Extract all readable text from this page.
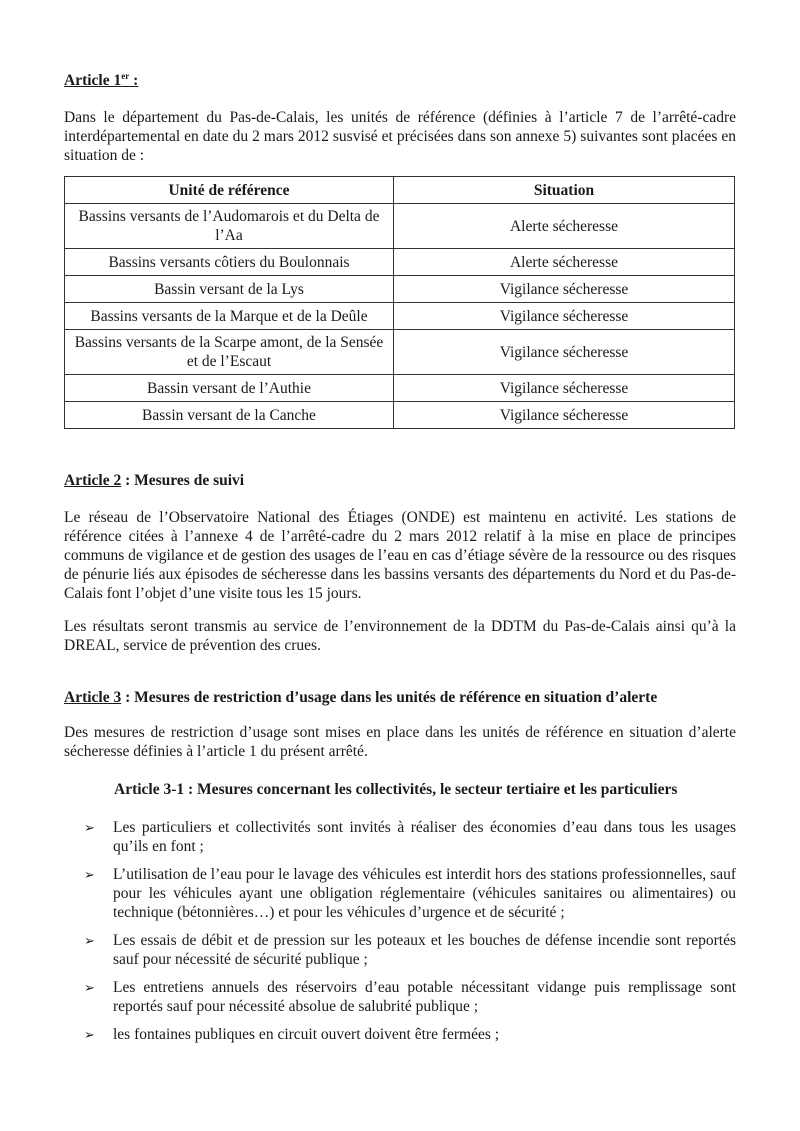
Article 1er :
Dans le département du Pas-de-Calais, les unités de référence (définies à l’article 7 de l’arrêté-cadre interdépartemental en date du 2 mars 2012 susvisé et précisées dans son annexe 5) suivantes sont placées en situation de :
Unité de référence	Situation
Bassins versants de l’Audomarois et du Delta de l’Aa	Alerte sécheresse
Bassins versants côtiers du Boulonnais	Alerte sécheresse
Bassin versant de la Lys	Vigilance sécheresse
Bassins versants de la Marque et de la Deûle	Vigilance sécheresse
Bassins versants de la Scarpe amont, de la Sensée et de l’Escaut	Vigilance sécheresse
Bassin versant de l’Authie	Vigilance sécheresse
Bassin versant de la Canche	Vigilance sécheresse
Article 2 : Mesures de suivi
Le réseau de l’Observatoire National des Étiages (ONDE) est maintenu en activité. Les stations de référence citées à l’annexe 4 de l’arrêté-cadre du 2 mars 2012 relatif à la mise en place de principes communs de vigilance et de gestion des usages de l’eau en cas d’étiage sévère de la ressource ou des risques de pénurie liés aux épisodes de sécheresse dans les bassins versants des départements du Nord et du Pas-de-Calais font l’objet d’une visite tous les 15 jours.
Les résultats seront transmis au service de l’environnement de la DDTM du Pas-de-Calais ainsi qu’à la DREAL, service de prévention des crues.
Article 3 : Mesures de restriction d’usage dans les unités de référence en situation d’alerte
Des mesures de restriction d’usage sont mises en place dans les unités de référence en situation d’alerte sécheresse définies à l’article 1 du présent arrêté.
Article 3-1 : Mesures concernant les collectivités, le secteur tertiaire et les particuliers
➢ Les particuliers et collectivités sont invités à réaliser des économies d’eau dans tous les usages qu’ils en font ;
➢ L’utilisation de l’eau pour le lavage des véhicules est interdit hors des stations professionnelles, sauf pour les véhicules ayant une obligation réglementaire (véhicules sanitaires ou alimentaires) ou technique (bétonnières…) et pour les véhicules d’urgence et de sécurité ;
➢ Les essais de débit et de pression sur les poteaux et les bouches de défense incendie sont reportés sauf pour nécessité de sécurité publique ;
➢ Les entretiens annuels des réservoirs d’eau potable nécessitant vidange puis remplissage sont reportés sauf pour nécessité absolue de salubrité publique ;
➢ les fontaines publiques en circuit ouvert doivent être fermées ;
